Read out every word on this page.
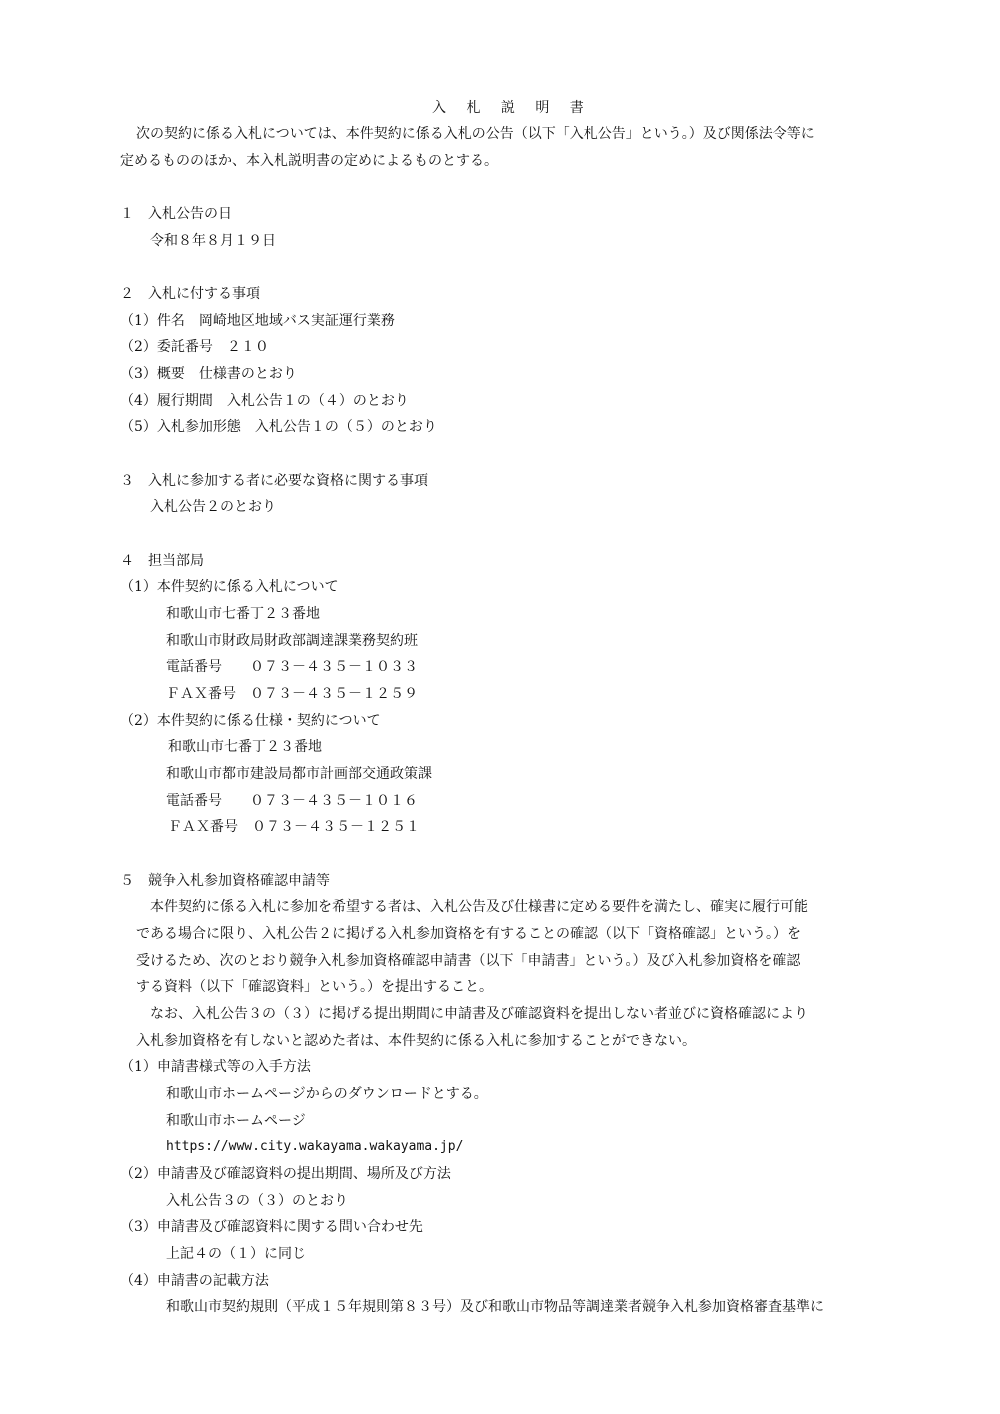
入 札 説 明 書

次の契約に係る入札については、本件契約に係る入札の公告（以下「入札公告」という。）及び関係法令等に

定めるもののほか、本入札説明書の定めによるものとする。

１　入札公告の日

令和８年８月１９日

２　入札に付する事項

（1）件名　岡崎地区地域バス実証運行業務

（2）委託番号　２１０

（3）概要　仕様書のとおり

（4）履行期間　入札公告１の（４）のとおり

（5）入札参加形態　入札公告１の（５）のとおり

３　入札に参加する者に必要な資格に関する事項

入札公告２のとおり

４　担当部局

（1）本件契約に係る入札について

和歌山市七番丁２３番地

和歌山市財政局財政部調達課業務契約班

電話番号　　０７３－４３５－１０３３

ＦＡＸ番号　０７３－４３５－１２５９

（2）本件契約に係る仕様・契約について

和歌山市七番丁２３番地

和歌山市都市建設局都市計画部交通政策課

電話番号　　０７３－４３５－１０１６

ＦＡＸ番号　０７３－４３５－１２５１

５　競争入札参加資格確認申請等

本件契約に係る入札に参加を希望する者は、入札公告及び仕様書に定める要件を満たし、確実に履行可能

である場合に限り、入札公告２に掲げる入札参加資格を有することの確認（以下「資格確認」という。）を

受けるため、次のとおり競争入札参加資格確認申請書（以下「申請書」という。）及び入札参加資格を確認

する資料（以下「確認資料」という。）を提出すること。

なお、入札公告３の（３）に掲げる提出期間に申請書及び確認資料を提出しない者並びに資格確認により

入札参加資格を有しないと認めた者は、本件契約に係る入札に参加することができない。

（1）申請書様式等の入手方法

和歌山市ホームページからのダウンロードとする。

和歌山市ホームページ

https://www.city.wakayama.wakayama.jp/

（2）申請書及び確認資料の提出期間、場所及び方法

入札公告３の（３）のとおり

（3）申請書及び確認資料に関する問い合わせ先

上記４の（１）に同じ

（4）申請書の記載方法

和歌山市契約規則（平成１５年規則第８３号）及び和歌山市物品等調達業者競争入札参加資格審査基準に
